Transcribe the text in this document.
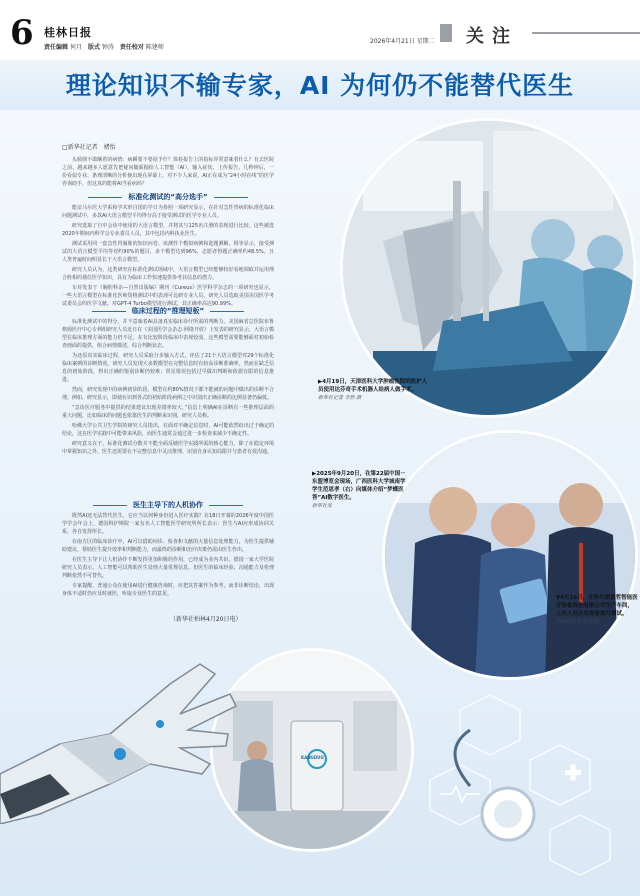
6 桂林日报
责任编辑 何月 版式 钟涛 责任校对 陈建师
2026年4月21日 星期二 关注
理论知识不输专家，AI 为何仍不能替代医生
□新华社记者　褚怡

头倾倒不敢瞒着的病情：病瞬要不要给予什？体检报告上的指标异常意味着什么？有去医院之前，越来越多人愿意先把疑问随面抛给人工智能（AI），输入症状、上传报告，几秒钟后，一份看似专业、条理清晰的分析便出现在屏幕上。对不少人来说，AI正在成为“24小时在线”的医学咨询助手，但这真的能将AI当看病吗？

标准化测试的“高分选手”

能谙马尔医大学系和学术形自国的学日为参照一项研究显示，在针对急性胃病的标准化临床问题测试中，多款AI大语言模型平均得分高于接受测试的医学专业人员。

研究选取了自中会诊中使用的大语言模型，并将其与125名注册的表现进行比较。这些被选2020年期间内科学会专业委员人员，其中包括内科执业医生。

测试采用同一套急性胃肠胀的知识问卷。该测性个模拟病例和选题测解。组等显示，接受测试的大语言模型平均等对约90%的题目，多个模型达到96%，志愿者得题正确率约48.5%。且人类普遍时间明显长于大语言模型。

研究人员认为，这类研究在标准化测试场域中，大语言模型已经能够较好看地调取并运用理合胜相的那位医学知识，具有为临床工作快速提供参考其信息的潜力。

车对发表于《胸腔科杂—自然出版编》期刊《Cureus》医学科学杂志的一项研究也显示，一些大语言模型在标准化医师资格测试中的表现可比研专业人员，研究人员选取美国美国医学考试委员会的医学文献，对GPT-4 Turbo模型进行测试，其正确率高达90.99%。

临床过程的“推理短板”

标准化测试中的得分，并不意味着AI具备真实临床诊疗所需的判断力。美国麻省总医院布鲁格姆医疗中心专利组研究人员近日在《美国医学会杂志·网络开放》上发表的研究显示，大语言模型在临床推理方面的能力仍不足，在有比较阶段临床中表现较弱，这些模型需要能够面对初始检查画面的提供，组合病情描述，综合判断状态。

为还原真实临床过程，研究人员采取分步输入方式，评估了21个大语言模型对29个标准化临床案例的诊断情况。研究人员发现大多数模型在完整信息时有较高诊断准确率，然而在缺乏信息的初始阶段，得出正确的鉴别诊断仍较难；常见错误包括过早做出判断和依据有限的信息推进。

然而，研究发现中的病例初诊阶段，模型在约80%情况下都不能被的问题中做出的诊断不合理。例如，研究显示，即使在识到各式的初始阶段病例之中识别出正确诊断的比例显著仍偏低。

“急诊医疗服务中提供的结果建议出现差错率较大，”信息上明确AI在诊断有一些推理层面的重大问题，比如临床的问题也依靠医生的判断来识别，研究人员称。

哈佛大学公共卫生学院的研究人员指出，在面对不确定信息时，AI可能依然给出过于确定的结论，这在医学实践中可能带来风险，而医生通常会通过进一步检查来减少不确定性。

研究意义在于，标准化测试分数并不能全面反映医学实践所需的核心能力，除了在稳定环境中掌握知识之外，医生还需要在不完整信息中灵活推理、识别自身认知局限并与患者有效沟通。

医生主导下的人机协作

既然AI还无法替代医生，它应当以何种身份进入医疗实践？在18日开幕的2026年度中国医学学会年会上，德国科护斯院一家有名人工智能医学研究所所长表示：医生与AI应形成协同关系，各自发挥所长。

在南方区的临床诊疗中，AI可以借助问诊、检查和文献的大量信息处理能力，为医生提供辅助建议，帮助医生提升效率和判断能力，而最终的诊断和治疗决策仍需由医生作出。

在医生主导下让人机协作不断发挥更加积极的作用，已经成为业内共识。德国一家大学医院研究人员表示，人工智能可以帮助医生处理大量常规信息，但医生的临床经验、沟通能力及伦理判断依然不可替代。

专家提醒，普通公众在使用AI进行健康咨询时，应把其答案作为参考，而非诊断结论，出现身体不适时仍应及时就医，听取专业医生的意见。

（新华社柏林4月20日电）
KANGDUO
▶4月19日，天津医科大学肿瘤医院的医护人员使用达芬奇手术机器人给病人做手术。
新华社记者 李然 摄
▶2025年9月20日，在第22届中国－东盟博览会现场，广西医科大学城南学学生范思孝（右）向媒体介绍“梦蝶医答”AI数字医生。
新华社发
▼4月16日，在哈尔滨恩哲智能医疗设备股份有限公司生产车间，工作人员在对设备进行调试。
新华社记者 张涛 摄
